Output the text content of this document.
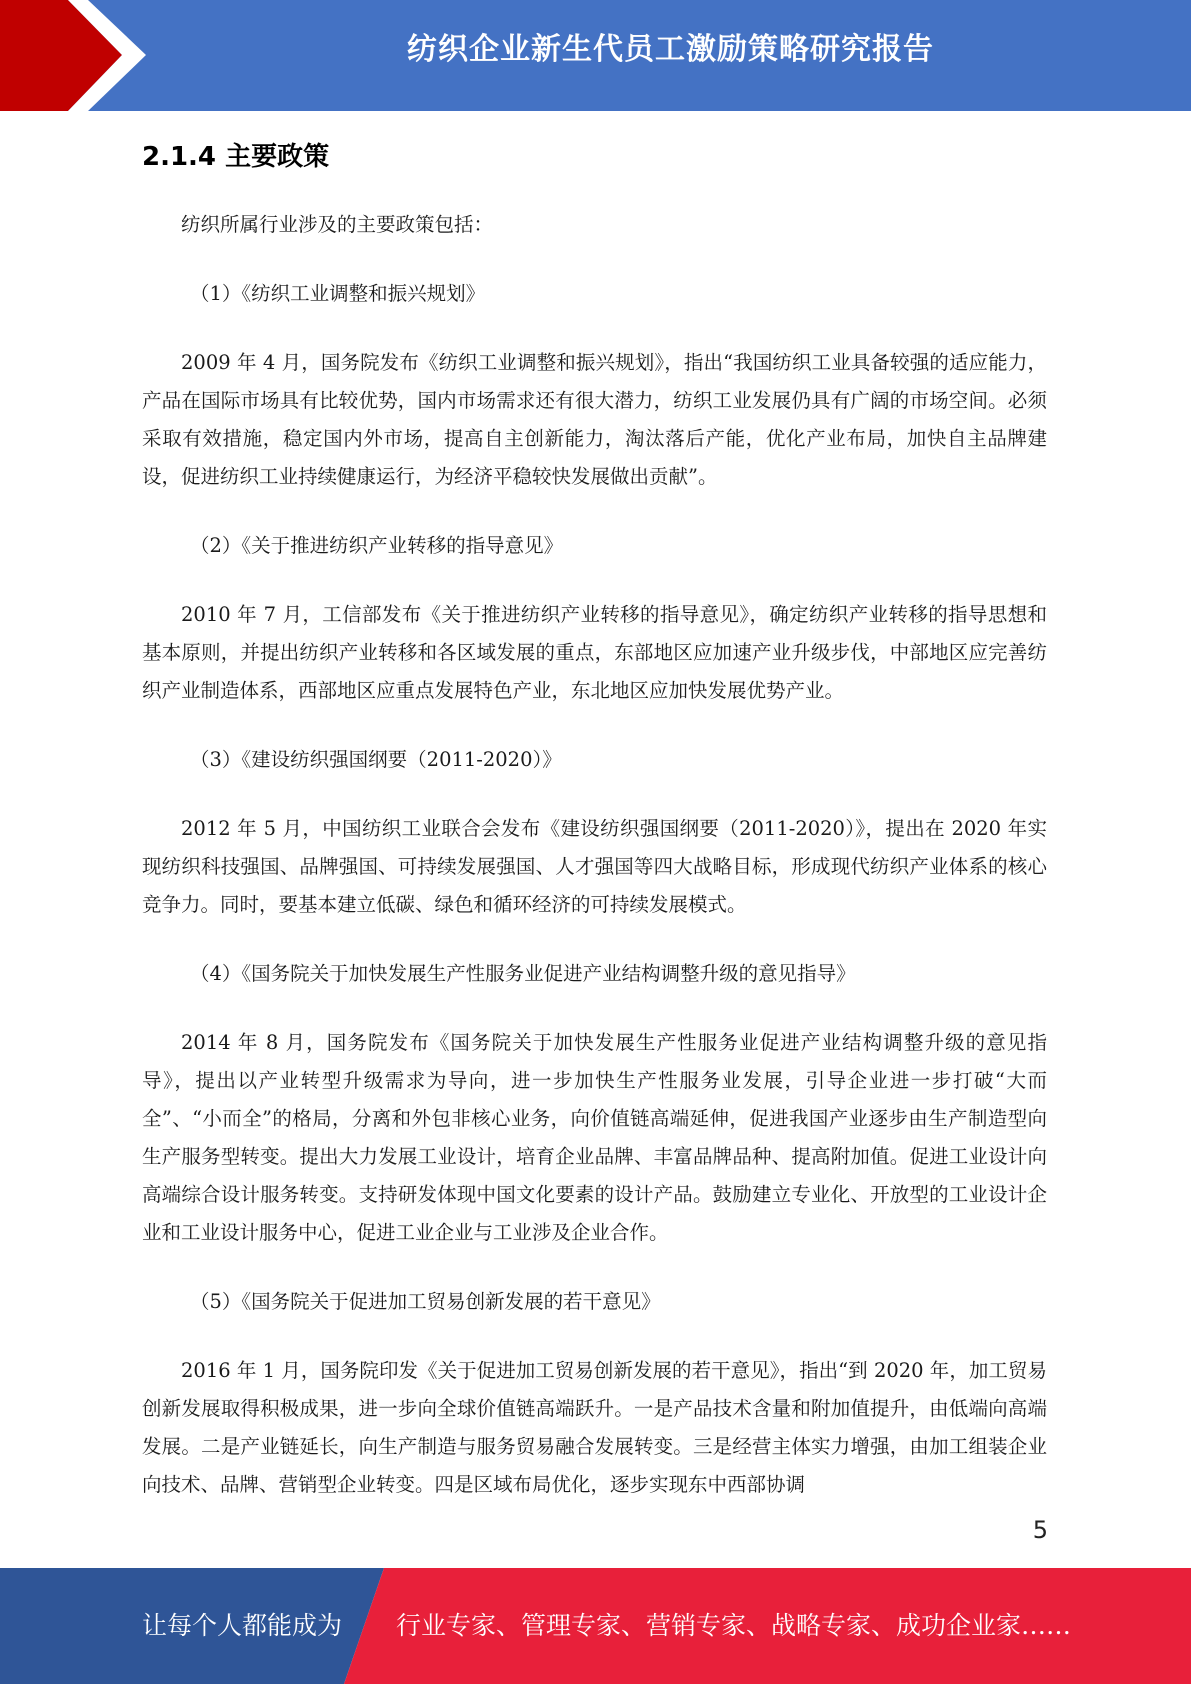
纺织企业新生代员工激励策略研究报告
2.1.4 主要政策

纺织所属行业涉及的主要政策包括：

（1）《纺织工业调整和振兴规划》

2009 年 4 月，国务院发布《纺织工业调整和振兴规划》，指出“我国纺织工业具备较强的适应能力，产品在国际市场具有比较优势，国内市场需求还有很大潜力，纺织工业发展仍具有广阔的市场空间。必须采取有效措施，稳定国内外市场，提高自主创新能力，淘汰落后产能，优化产业布局，加快自主品牌建设，促进纺织工业持续健康运行，为经济平稳较快发展做出贡献”。

（2）《关于推进纺织产业转移的指导意见》

2010 年 7 月，工信部发布《关于推进纺织产业转移的指导意见》，确定纺织产业转移的指导思想和基本原则，并提出纺织产业转移和各区域发展的重点，东部地区应加速产业升级步伐，中部地区应完善纺织产业制造体系，西部地区应重点发展特色产业，东北地区应加快发展优势产业。

（3）《建设纺织强国纲要（2011-2020）》

2012 年 5 月，中国纺织工业联合会发布《建设纺织强国纲要（2011-2020）》，提出在 2020 年实现纺织科技强国、品牌强国、可持续发展强国、人才强国等四大战略目标，形成现代纺织产业体系的核心竞争力。同时，要基本建立低碳、绿色和循环经济的可持续发展模式。

（4）《国务院关于加快发展生产性服务业促进产业结构调整升级的意见指导》

2014 年 8 月，国务院发布《国务院关于加快发展生产性服务业促进产业结构调整升级的意见指导》，提出以产业转型升级需求为导向，进一步加快生产性服务业发展，引导企业进一步打破“大而全”、“小而全”的格局，分离和外包非核心业务，向价值链高端延伸，促进我国产业逐步由生产制造型向生产服务型转变。提出大力发展工业设计，培育企业品牌、丰富品牌品种、提高附加值。促进工业设计向高端综合设计服务转变。支持研发体现中国文化要素的设计产品。鼓励建立专业化、开放型的工业设计企业和工业设计服务中心，促进工业企业与工业涉及企业合作。

（5）《国务院关于促进加工贸易创新发展的若干意见》

2016 年 1 月，国务院印发《关于促进加工贸易创新发展的若干意见》，指出“到 2020 年，加工贸易创新发展取得积极成果，进一步向全球价值链高端跃升。一是产品技术含量和附加值提升，由低端向高端发展。二是产业链延长，向生产制造与服务贸易融合发展转变。三是经营主体实力增强，由加工组装企业向技术、品牌、营销型企业转变。四是区域布局优化，逐步实现东中西部协调

5
让每个人都能成为 行业专家、管理专家、营销专家、战略专家、成功企业家……
